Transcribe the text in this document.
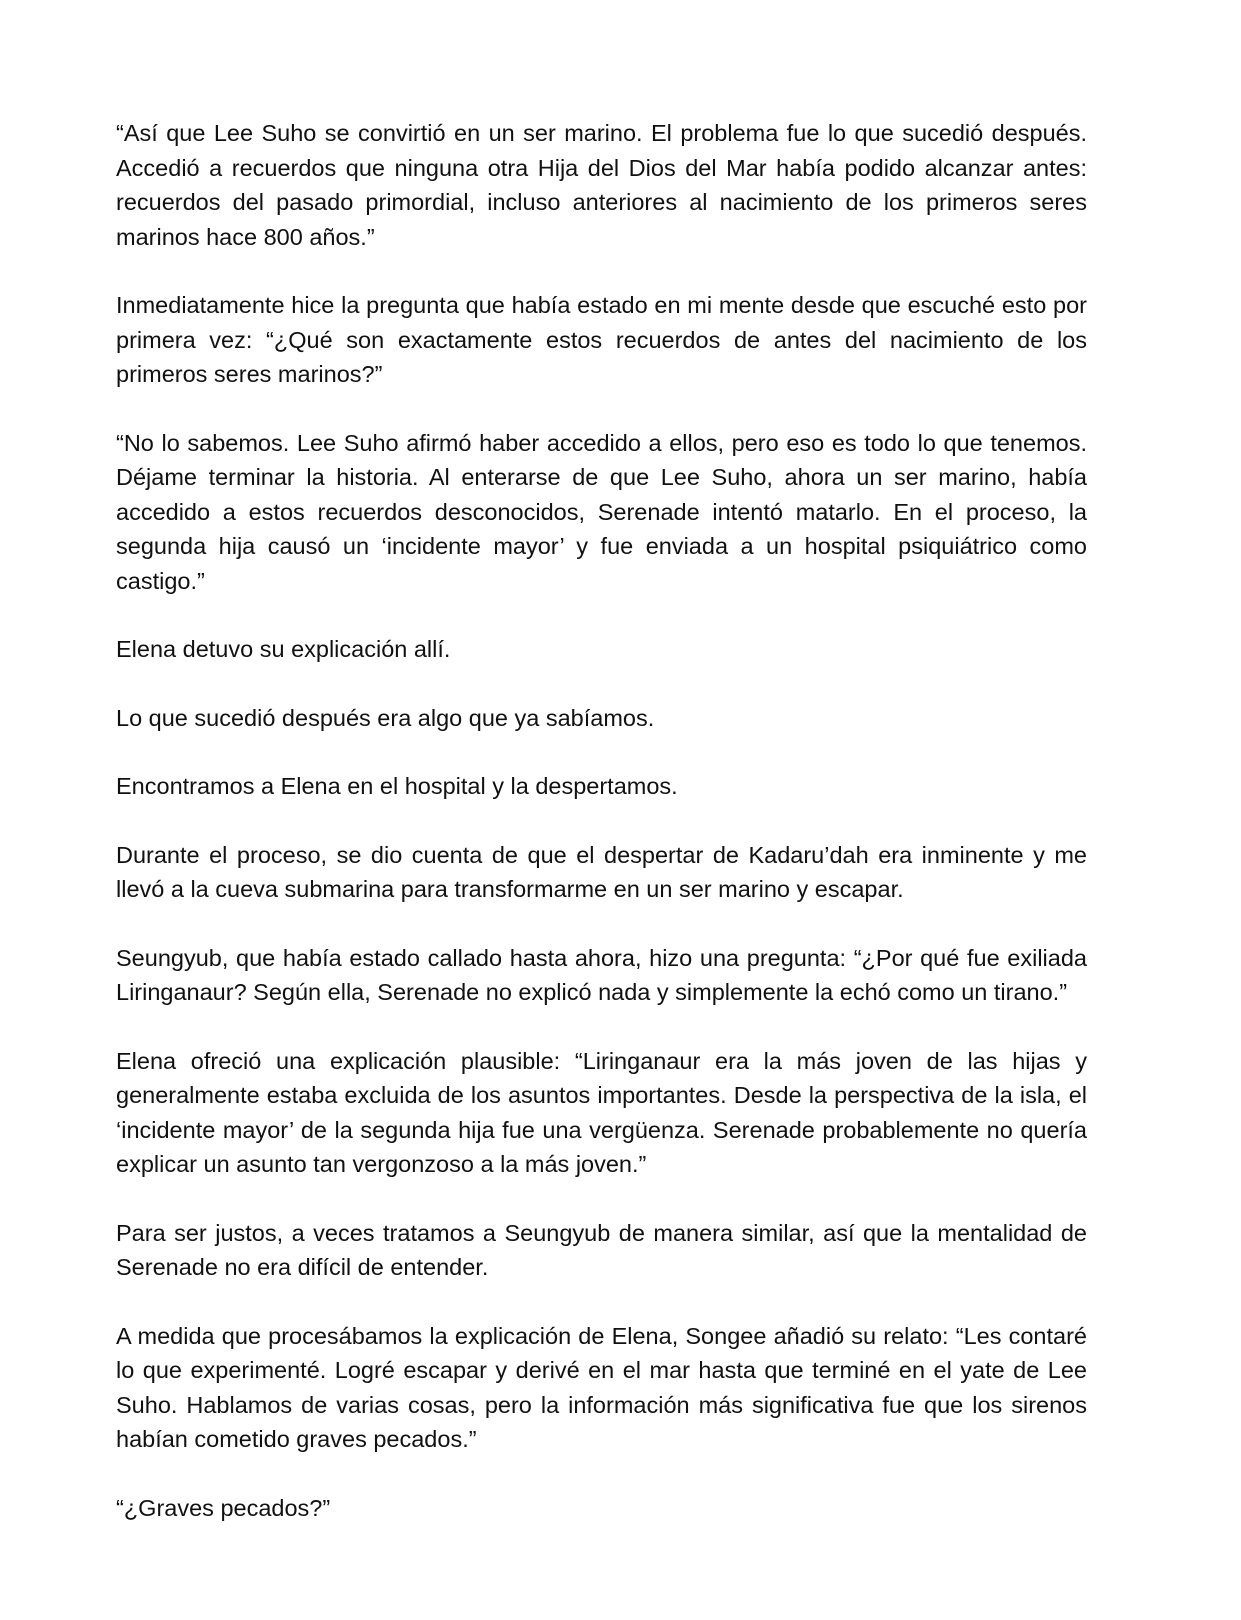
“Así que Lee Suho se convirtió en un ser marino. El problema fue lo que sucedió después. Accedió a recuerdos que ninguna otra Hija del Dios del Mar había podido alcanzar antes: recuerdos del pasado primordial, incluso anteriores al nacimiento de los primeros seres marinos hace 800 años.”

Inmediatamente hice la pregunta que había estado en mi mente desde que escuché esto por primera vez: “¿Qué son exactamente estos recuerdos de antes del nacimiento de los primeros seres marinos?”

“No lo sabemos. Lee Suho afirmó haber accedido a ellos, pero eso es todo lo que tenemos. Déjame terminar la historia. Al enterarse de que Lee Suho, ahora un ser marino, había accedido a estos recuerdos desconocidos, Serenade intentó matarlo. En el proceso, la segunda hija causó un ‘incidente mayor’ y fue enviada a un hospital psiquiátrico como castigo.”

Elena detuvo su explicación allí.

Lo que sucedió después era algo que ya sabíamos.

Encontramos a Elena en el hospital y la despertamos.

Durante el proceso, se dio cuenta de que el despertar de Kadaru’dah era inminente y me llevó a la cueva submarina para transformarme en un ser marino y escapar.

Seungyub, que había estado callado hasta ahora, hizo una pregunta: “¿Por qué fue exiliada Liringanaur? Según ella, Serenade no explicó nada y simplemente la echó como un tirano.”

Elena ofreció una explicación plausible: “Liringanaur era la más joven de las hijas y generalmente estaba excluida de los asuntos importantes. Desde la perspectiva de la isla, el ‘incidente mayor’ de la segunda hija fue una vergüenza. Serenade probablemente no quería explicar un asunto tan vergonzoso a la más joven.”

Para ser justos, a veces tratamos a Seungyub de manera similar, así que la mentalidad de Serenade no era difícil de entender.

A medida que procesábamos la explicación de Elena, Songee añadió su relato: “Les contaré lo que experimenté. Logré escapar y derivé en el mar hasta que terminé en el yate de Lee Suho. Hablamos de varias cosas, pero la información más significativa fue que los sirenos habían cometido graves pecados.”

“¿Graves pecados?”
